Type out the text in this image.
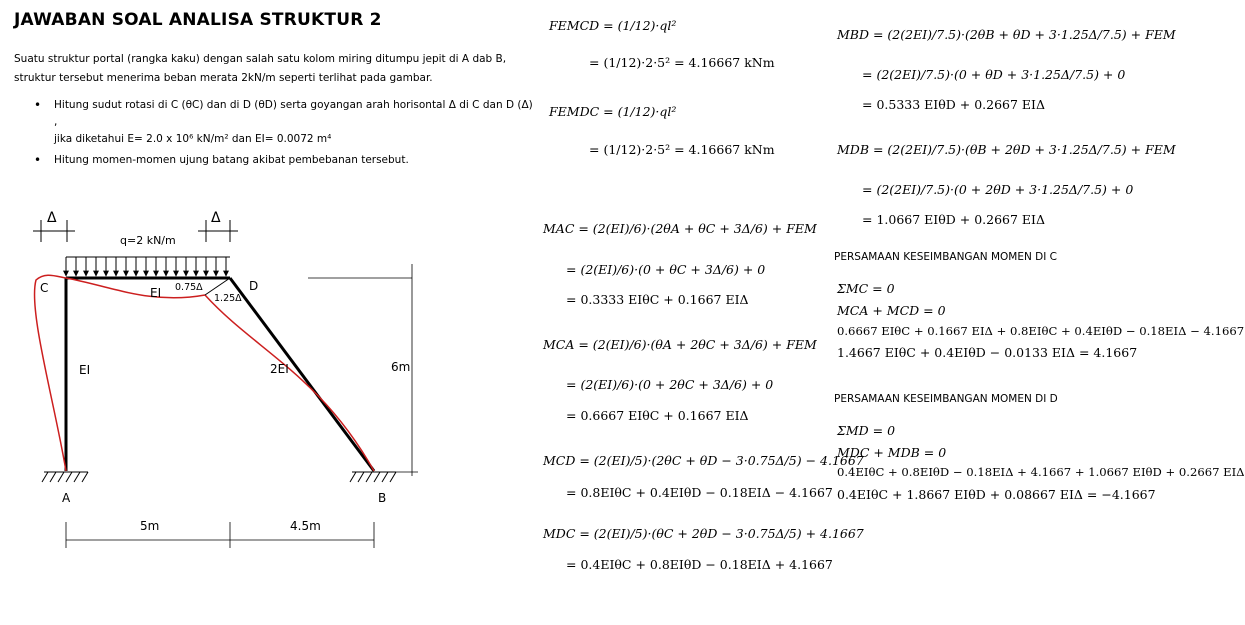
JAWABAN SOAL ANALISA STRUKTUR 2
Suatu struktur portal (rangka kaku) dengan salah satu kolom miring ditumpu jepit di A dab B,
struktur tersebut menerima beban merata 2kN/m seperti terlihat pada gambar.
• Hitung sudut rotasi di C (θC) dan di D (θD) serta goyangan arah horisontal Δ di C dan D (Δ) ,
jika diketahui E= 2.0 x 10⁶ kN/m² dan EI= 0.0072 m⁴
• Hitung momen-momen ujung batang akibat pembebanan tersebut.
Δ	Δ
q=2 kN/m
C	D
A	B
EI
EI	2EI
0.75Δ
1.25Δ
6m
5m	4.5m
FEMCD = (1/12)·ql²
= (1/12)·2·5² = 4.16667 kNm
FEMDC = (1/12)·ql²
= (1/12)·2·5² = 4.16667 kNm
MAC = (2(EI)/6)·(2θA + θC + 3Δ/6) + FEM
= (2(EI)/6)·(0 + θC + 3Δ/6) + 0
= 0.3333 EIθC + 0.1667 EIΔ
MCA = (2(EI)/6)·(θA + 2θC + 3Δ/6) + FEM
= (2(EI)/6)·(0 + 2θC + 3Δ/6) + 0
= 0.6667 EIθC + 0.1667 EIΔ
MCD = (2(EI)/5)·(2θC + θD − 3·0.75Δ/5) − 4.1667
= 0.8EIθC + 0.4EIθD − 0.18EIΔ − 4.1667
MDC = (2(EI)/5)·(θC + 2θD − 3·0.75Δ/5) + 4.1667
= 0.4EIθC + 0.8EIθD − 0.18EIΔ + 4.1667
MBD = (2(2EI)/7.5)·(2θB + θD + 3·1.25Δ/7.5) + FEM
= (2(2EI)/7.5)·(0 + θD + 3·1.25Δ/7.5) + 0
= 0.5333 EIθD + 0.2667 EIΔ
MDB = (2(2EI)/7.5)·(θB + 2θD + 3·1.25Δ/7.5) + FEM
= (2(2EI)/7.5)·(0 + 2θD + 3·1.25Δ/7.5) + 0
= 1.0667 EIθD + 0.2667 EIΔ
PERSAMAAN KESEIMBANGAN MOMEN DI C
ΣMC = 0
MCA + MCD = 0
0.6667 EIθC + 0.1667 EIΔ + 0.8EIθC + 0.4EIθD − 0.18EIΔ − 4.1667
1.4667 EIθC + 0.4EIθD − 0.0133 EIΔ = 4.1667
PERSAMAAN KESEIMBANGAN MOMEN DI D
ΣMD = 0
MDC + MDB = 0
0.4EIθC + 0.8EIθD − 0.18EIΔ + 4.1667 + 1.0667 EIθD + 0.2667 EIΔ
0.4EIθC + 1.8667 EIθD + 0.08667 EIΔ = −4.1667
